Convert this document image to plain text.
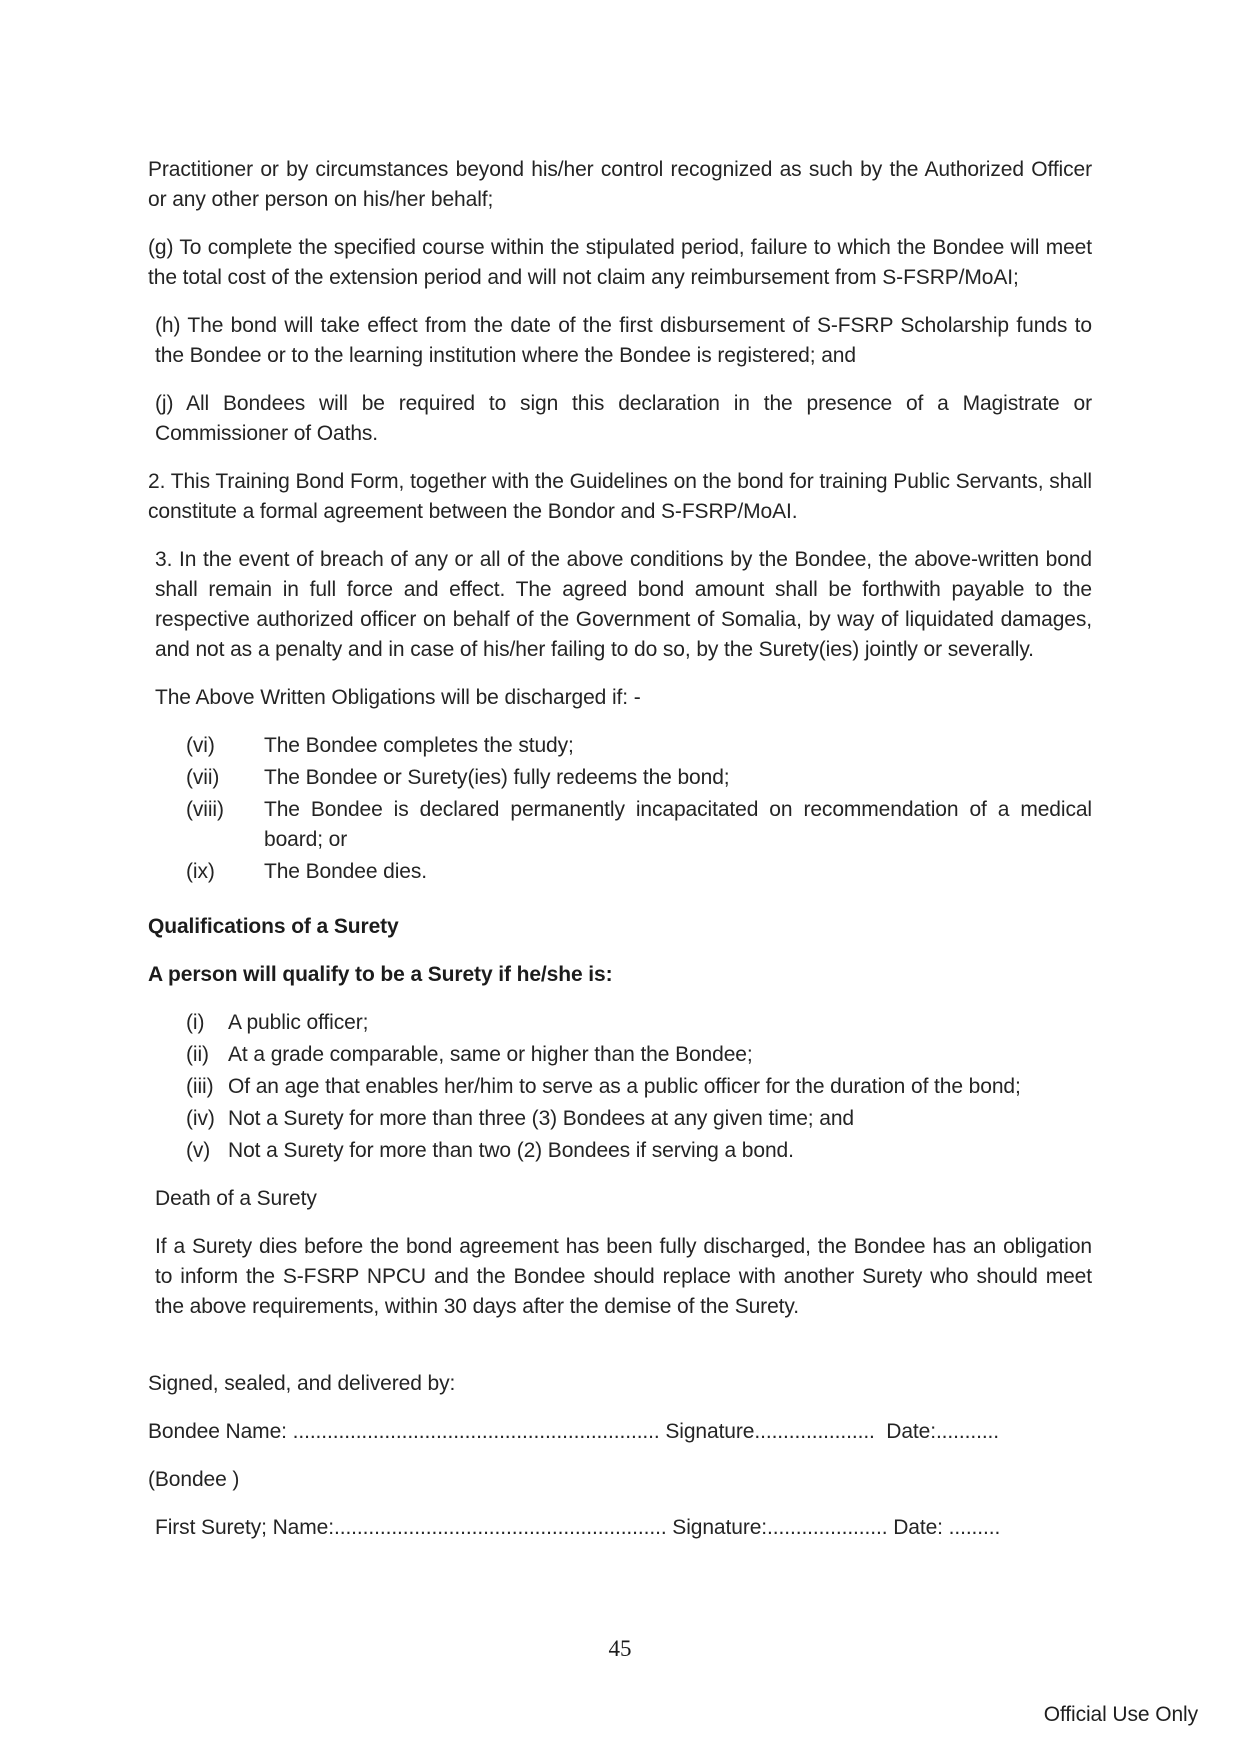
Practitioner or by circumstances beyond his/her control recognized as such by the Authorized Officer or any other person on his/her behalf;

(g) To complete the specified course within the stipulated period, failure to which the Bondee will meet the total cost of the extension period and will not claim any reimbursement from S-FSRP/MoAI;

(h) The bond will take effect from the date of the first disbursement of S-FSRP Scholarship funds to the Bondee or to the learning institution where the Bondee is registered; and

(j) All Bondees will be required to sign this declaration in the presence of a Magistrate or Commissioner of Oaths.

2. This Training Bond Form, together with the Guidelines on the bond for training Public Servants, shall constitute a formal agreement between the Bondor and S-FSRP/MoAI.

3. In the event of breach of any or all of the above conditions by the Bondee, the above-written bond shall remain in full force and effect. The agreed bond amount shall be forthwith payable to the respective authorized officer on behalf of the Government of Somalia, by way of liquidated damages, and not as a penalty and in case of his/her failing to do so, by the Surety(ies) jointly or severally.

The Above Written Obligations will be discharged if: -

(vi)	The Bondee completes the study;
(vii)	The Bondee or Surety(ies) fully redeems the bond;
(viii)	The Bondee is declared permanently incapacitated on recommendation of a medical board; or
(ix)	The Bondee dies.

Qualifications of a Surety

A person will qualify to be a Surety if he/she is:

(i)	A public officer;
(ii) At a grade comparable, same or higher than the Bondee;
(iii) Of an age that enables her/him to serve as a public officer for the duration of the bond;
(iv) Not a Surety for more than three (3) Bondees at any given time; and
(v) Not a Surety for more than two (2) Bondees if serving a bond.

Death of a Surety

If a Surety dies before the bond agreement has been fully discharged, the Bondee has an obligation to inform the S-FSRP NPCU and the Bondee should replace with another Surety who should meet the above requirements, within 30 days after the demise of the Surety.

Signed, sealed, and delivered by:

Bondee Name: ................................................................ Signature.....................  Date:...........

(Bondee )

First Surety; Name:.......................................................... Signature:..................... Date: .........

45
Official Use Only
